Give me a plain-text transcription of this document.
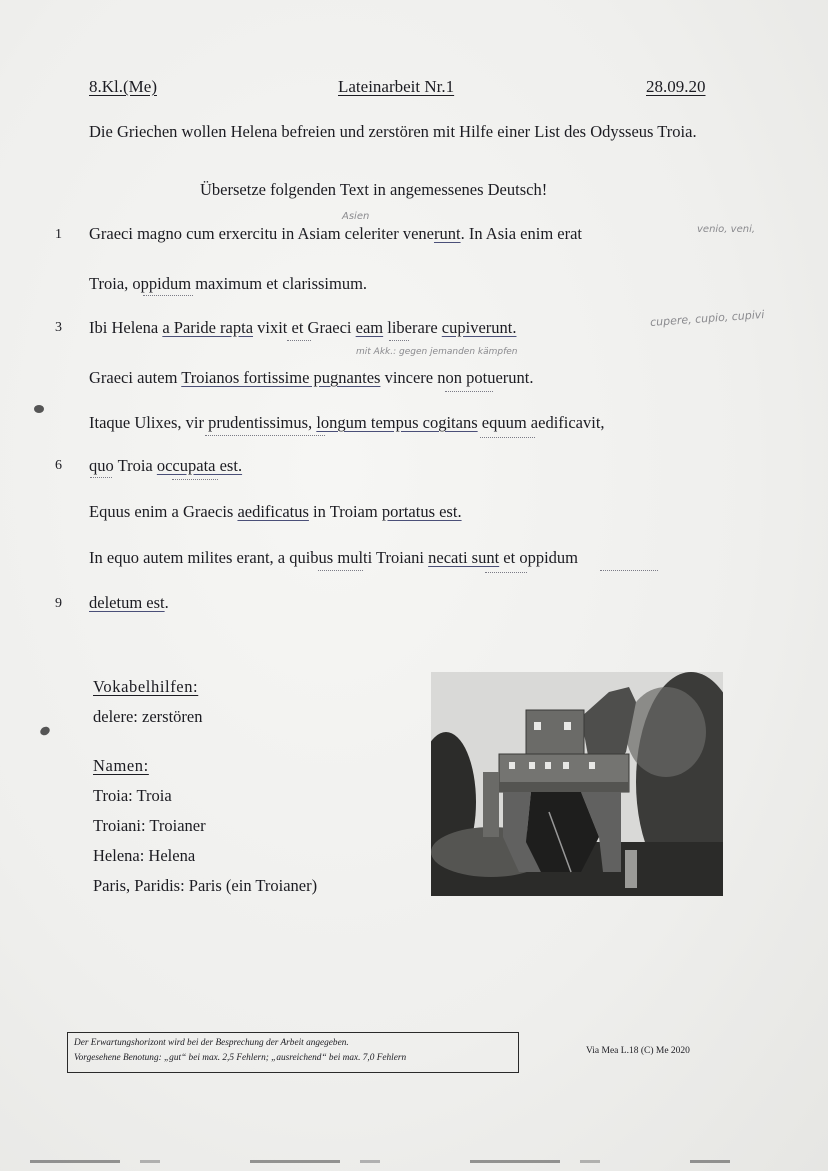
8.Kl.(Me)	Lateinarbeit Nr.1	28.09.20
Die Griechen wollen Helena befreien und zerstören mit Hilfe einer List des Odysseus Troia.
Übersetze folgenden Text in angemessenes Deutsch!
Asien
1 Graeci magno cum erxercitu in Asiam celeriter venerunt. In Asia enim erat	venio, veni,
Troia, oppidum maximum et clarissimum.
3 Ibi Helena a Paride rapta vixit et Graeci eam liberare cupiverunt.	cupere, cupio, cupivi
mit Akk.: gegen jemanden kämpfen
Graeci autem Troianos fortissime pugnantes vincere non potuerunt.
Itaque Ulixes, vir prudentissimus, longum tempus cogitans equum aedificavit,
6 quo Troia occupata est.
Equus enim a Graecis aedificatus in Troiam portatus est.
In equo autem milites erant, a quibus multi Troiani necati sunt et oppidum
9 deletum est.
Vokabelhilfen:
delere: zerstören
Namen:
Troia: Troia
Troiani: Troianer
Helena: Helena
Paris, Paridis: Paris (ein Troianer)
Der Erwartungshorizont wird bei der Besprechung der Arbeit angegeben.
Vorgesehene Benotung: „gut“ bei max. 2,5 Fehlern; „ausreichend“ bei max. 7,0 Fehlern
Via Mea L.18 (C) Me 2020
